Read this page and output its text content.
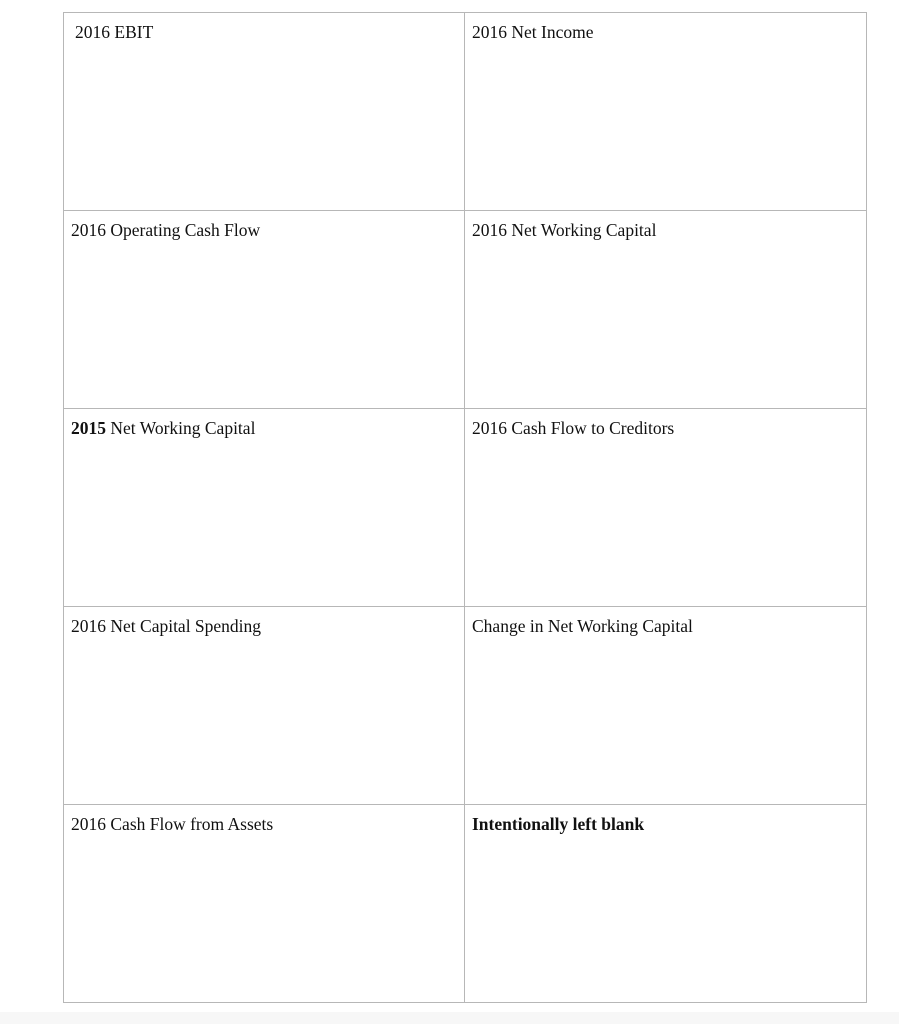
2016 EBIT	2016 Net Income
2016 Operating Cash Flow	2016 Net Working Capital
2015 Net Working Capital	2016 Cash Flow to Creditors
2016 Net Capital Spending	Change in Net Working Capital
2016 Cash Flow from Assets	Intentionally left blank
